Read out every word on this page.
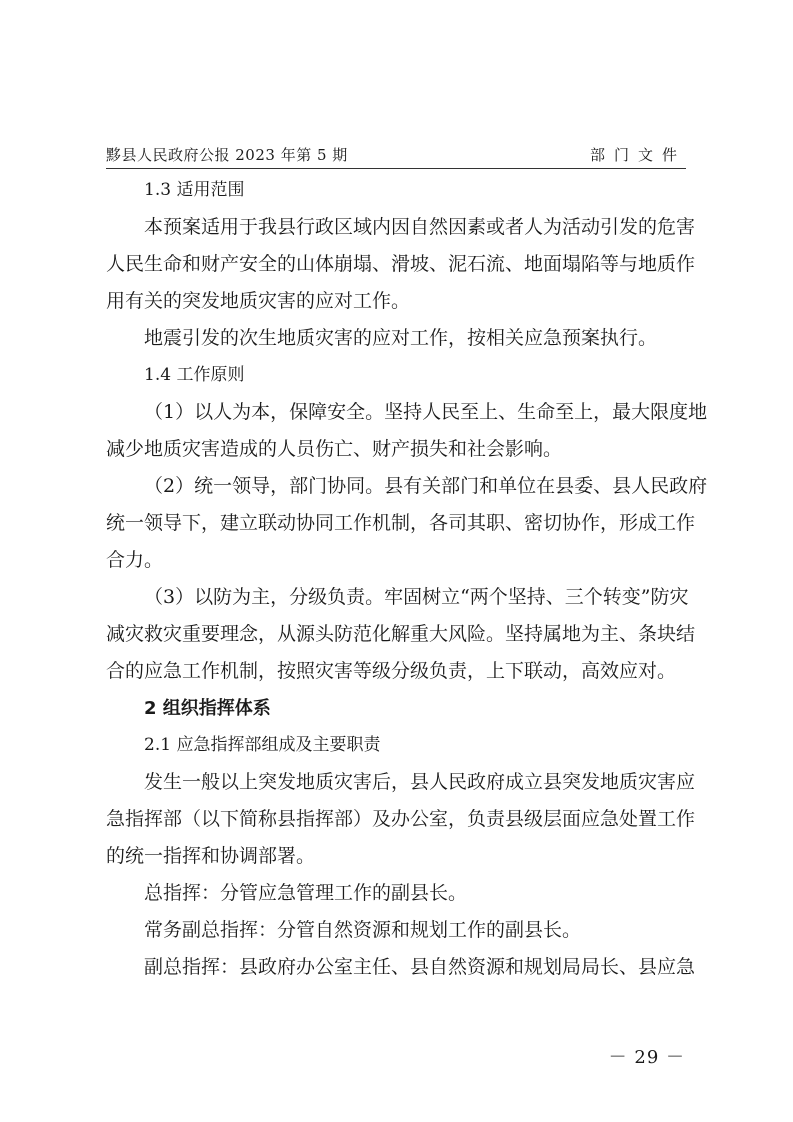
黟县人民政府公报 2023 年第 5 期	部门文件
1.3 适用范围
本预案适用于我县行政区域内因自然因素或者人为活动引发的危害
人民生命和财产安全的山体崩塌、滑坡、泥石流、地面塌陷等与地质作
用有关的突发地质灾害的应对工作。
地震引发的次生地质灾害的应对工作，按相关应急预案执行。
1.4 工作原则
（1）以人为本，保障安全。坚持人民至上、生命至上，最大限度地
减少地质灾害造成的人员伤亡、财产损失和社会影响。
（2）统一领导，部门协同。县有关部门和单位在县委、县人民政府
统一领导下，建立联动协同工作机制，各司其职、密切协作，形成工作
合力。
（3）以防为主，分级负责。牢固树立“两个坚持、三个转变”防灾
减灾救灾重要理念，从源头防范化解重大风险。坚持属地为主、条块结
合的应急工作机制，按照灾害等级分级负责，上下联动，高效应对。
2 组织指挥体系
2.1 应急指挥部组成及主要职责
发生一般以上突发地质灾害后，县人民政府成立县突发地质灾害应
急指挥部（以下简称县指挥部）及办公室，负责县级层面应急处置工作
的统一指挥和协调部署。
总指挥：分管应急管理工作的副县长。
常务副总指挥：分管自然资源和规划工作的副县长。
副总指挥：县政府办公室主任、县自然资源和规划局局长、县应急
－ 29 －
